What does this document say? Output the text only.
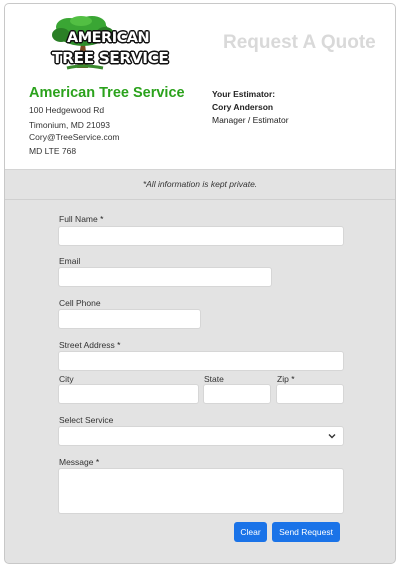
AMERICAN
TREE SERVICE
Request A Quote
American Tree Service
100 Hedgewood Rd
Timonium, MD 21093
Cory@TreeService.com
MD LTE 768
Your Estimator:
Cory Anderson
Manager / Estimator
*All information is kept private.
Full Name *
Email
Cell Phone
Street Address *
City	State	Zip *
Select Service
Message *
Clear	Send Request
